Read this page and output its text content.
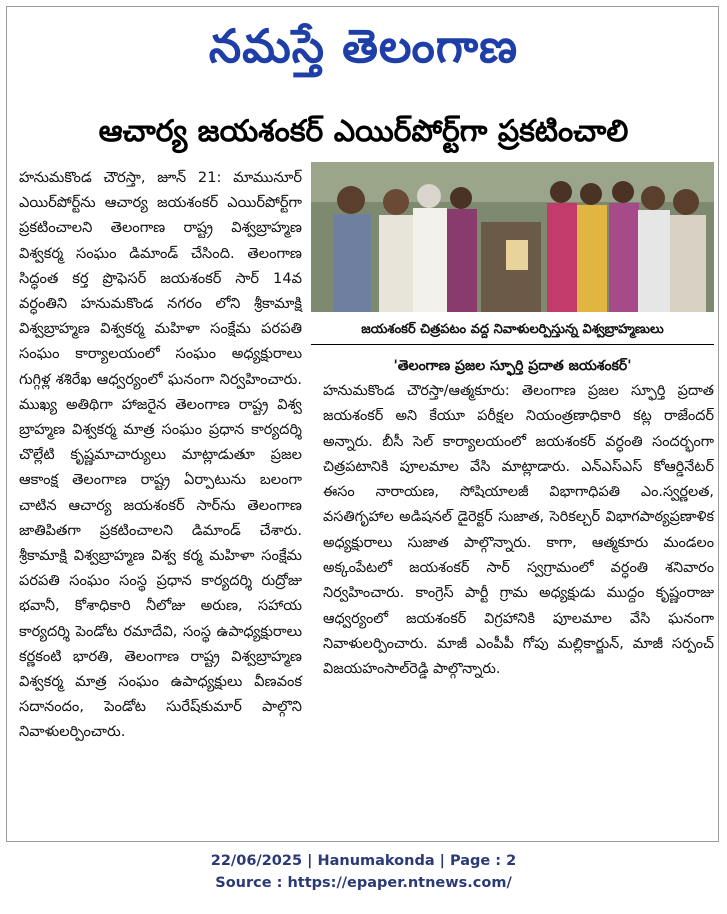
నమస్తే తెలంగాణ
ఆచార్య జయశంకర్ ఎయిర్‌పోర్ట్‌గా ప్రకటించాలి

హనుమకొండ చౌరస్తా, జూన్ 21: మామునూర్ ఎయిర్‌పోర్ట్‌ను ఆచార్య జయశంకర్ ఎయిర్‌పోర్ట్‌గా ప్రకటించాలని తెలంగాణ రాష్ట్ర విశ్వబ్రాహ్మణ విశ్వకర్మ సంఘం డిమాండ్ చేసింది. తెలంగాణ సిద్ధంత కర్త ప్రొఫెసర్ జయశంకర్ సార్ 14వ వర్ధంతిని హనుమకొండ నగరం లోని శ్రీకామాక్షి విశ్వబ్రాహ్మణ విశ్వకర్మ మహిళా సంక్షేమ పరపతి సంఘం కార్యాలయంలో సంఘం అధ్యక్షురాలు గుగ్గిళ్ల శశిరేఖ ఆధ్వర్యంలో ఘనంగా నిర్వహించారు. ముఖ్య అతిథిగా హాజరైన తెలంగాణ రాష్ట్ర విశ్వ బ్రాహ్మణ విశ్వకర్మ మాత్ర సంఘం ప్రధాన కార్యదర్శి చొల్లేటి కృష్ణమాచార్యులు మాట్లాడుతూ ప్రజల ఆకాంక్ష తెలంగాణ రాష్ట్ర ఏర్పాటును బలంగా చాటిన ఆచార్య జయశంకర్ సార్‌ను తెలంగాణ జాతిపితగా ప్రకటించాలని డిమాండ్ చేశారు. శ్రీకామాక్షి విశ్వబ్రాహ్మణ విశ్వ కర్మ మహిళా సంక్షేమ పరపతి సంఘం సంస్థ ప్రధాన కార్యదర్శి రుద్రోజు భవానీ, కోశాధికారి నీలోజు అరుణ, సహాయ కార్యదర్శి పెండోట రమాదేవి, సంస్థ ఉపాధ్యక్షురాలు కర్ణకంటి భారతి, తెలంగాణ రాష్ట్ర విశ్వబ్రాహ్మణ విశ్వకర్మ మాత్ర సంఘం ఉపాధ్యక్షులు వీణవంక సదానందం, పెండోట సురేష్‌కుమార్ పాల్గొని నివాళులర్పించారు.

జయశంకర్ చిత్రపటం వద్ద నివాళులర్పిస్తున్న విశ్వబ్రాహ్మణులు
'తెలంగాణ ప్రజల స్ఫూర్తి ప్రదాత జయశంకర్'

హనుమకొండ చౌరస్తా/ఆత్మకూరు: తెలంగాణ ప్రజల స్ఫూర్తి ప్రదాత జయశంకర్ అని కేయూ పరీక్షల నియంత్రణాధికారి కట్ల రాజేందర్ అన్నారు. బీసీ సెల్ కార్యాలయంలో జయశంకర్ వర్ధంతి సందర్భంగా చిత్రపటానికి పూలమాల వేసి మాట్లాడారు. ఎన్‌ఎస్‌ఎస్ కోఆర్డినేటర్ ఈసం నారాయణ, సోషియాలజీ విభాగాధిపతి ఎం.స్వర్ణలత, వసతిగృహాల అడిషనల్ డైరెక్టర్ సుజాత, సెరికల్చర్ విభాగపాఠ్యప్రణాళిక అధ్యక్షురాలు సుజాత పాల్గొన్నారు. కాగా, ఆత్మకూరు మండలం అక్కంపేటలో జయశంకర్ సార్ స్వగ్రామంలో వర్ధంతి శనివారం నిర్వహించారు. కాంగ్రెస్ పార్టీ గ్రామ అధ్యక్షుడు ముద్దం కృష్ణంరాజు ఆధ్వర్యంలో జయశంకర్ విగ్రహానికి పూలమాల వేసి ఘనంగా నివాళులర్పించారు. మాజీ ఎంపీపీ గోపు మల్లికార్జున్, మాజీ సర్పంచ్ విజయహంసాల్‌రెడ్డి పాల్గొన్నారు.

22/06/2025 | Hanumakonda | Page : 2
Source : https://epaper.ntnews.com/
